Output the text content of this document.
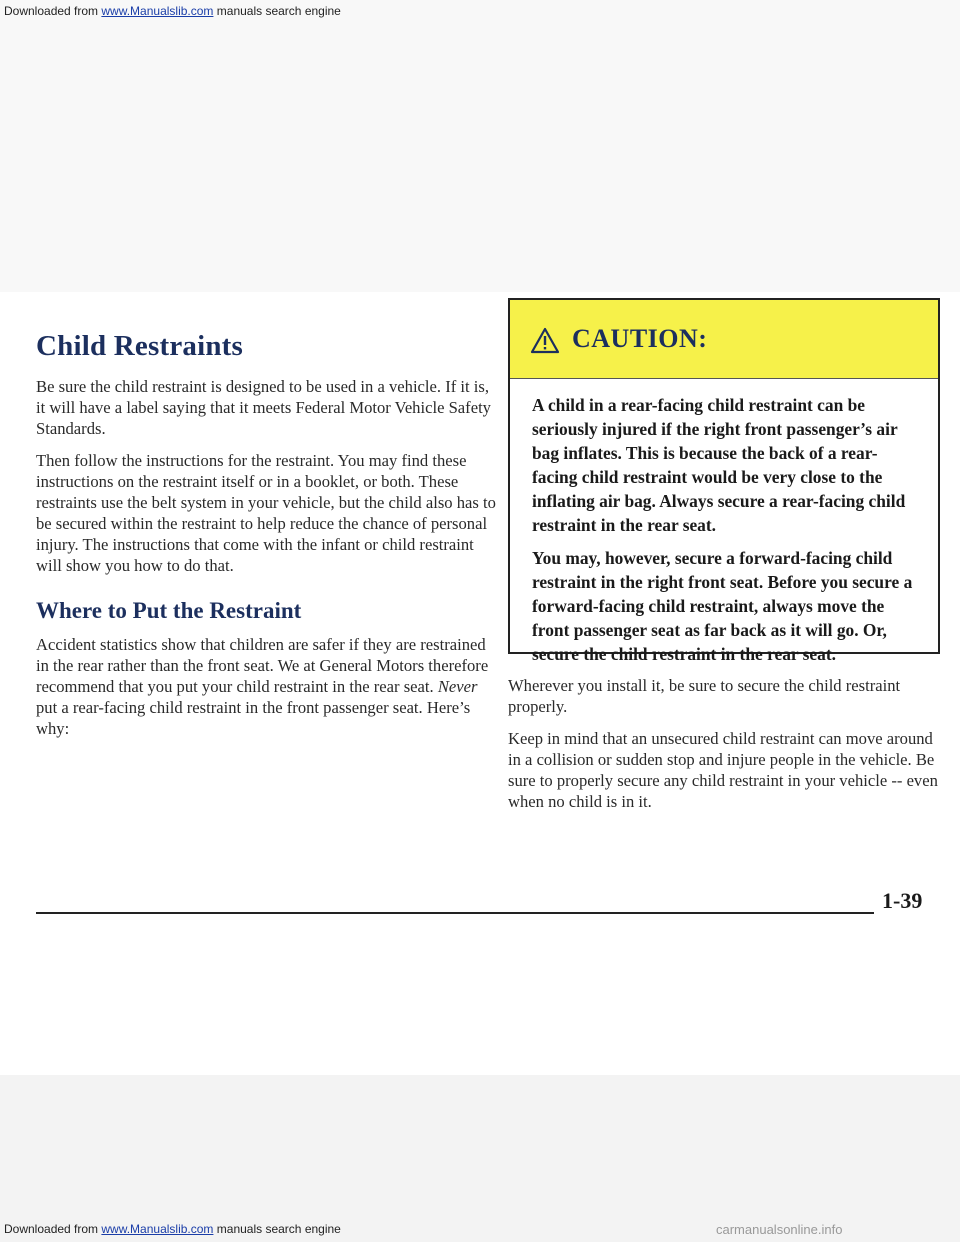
Downloaded from www.Manualslib.com manuals search engine
Child Restraints

Be sure the child restraint is designed to be used in a vehicle. If it is, it will have a label saying that it meets Federal Motor Vehicle Safety Standards.

Then follow the instructions for the restraint. You may find these instructions on the restraint itself or in a booklet, or both. These restraints use the belt system in your vehicle, but the child also has to be secured within the restraint to help reduce the chance of personal injury. The instructions that come with the infant or child restraint will show you how to do that.

Where to Put the Restraint

Accident statistics show that children are safer if they are restrained in the rear rather than the front seat. We at General Motors therefore recommend that you put your child restraint in the rear seat. Never put a rear-facing child restraint in the front passenger seat. Here’s why:

CAUTION:

A child in a rear-facing child restraint can be seriously injured if the right front passenger’s air bag inflates. This is because the back of a rear-facing child restraint would be very close to the inflating air bag. Always secure a rear-facing child restraint in the rear seat.

You may, however, secure a forward-facing child restraint in the right front seat. Before you secure a forward-facing child restraint, always move the front passenger seat as far back as it will go. Or, secure the child restraint in the rear seat.

Wherever you install it, be sure to secure the child restraint properly.

Keep in mind that an unsecured child restraint can move around in a collision or sudden stop and injure people in the vehicle. Be sure to properly secure any child restraint in your vehicle -- even when no child is in it.

1-39
Downloaded from www.Manualslib.com manuals search engine	carmanualsonline.info
